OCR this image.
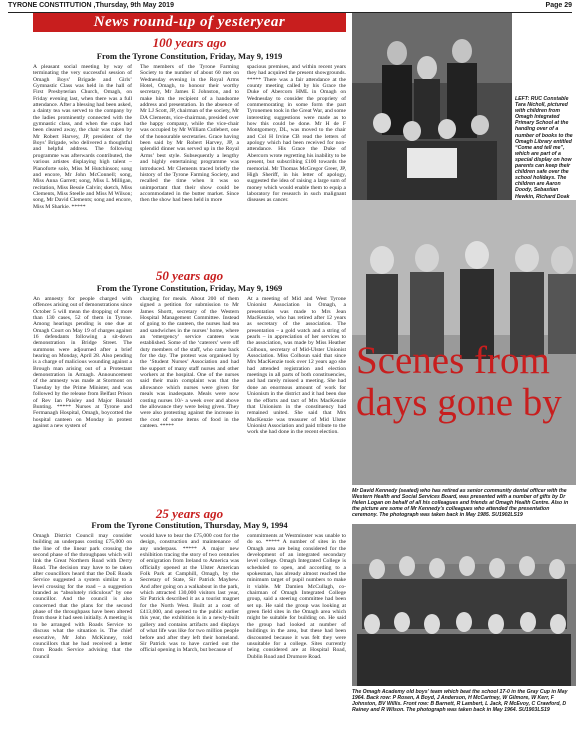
TYRONE CONSTITUTION ,Thursday, 9th May 2019	Page 29
News round-up of yesteryear
100 years ago
From the Tyrone Constitution, Friday, May 9, 1919
A pleasant social meeting by way of terminating the very successful session of Omagh Boys’ Brigade and Girls’ Gymnastic Class was held in the hall of First Presbyterian Church, Omagh, on Friday evening last, when there was a full attendance. After a blessing had been asked, a dainty tea was served to the company by the ladies prominently connected with the gymnastic class, and when the cups had been cleared away, the chair was taken by Mr Robert Harvey, JP, president of the Boys’ Brigade, who delivered a thoughtful and helpful address. The following programme was afterwards contributed, the various artistes displaying high talent – Pianoforte solo, Miss M Hutchinson; song and encore, Mr John McConnell; song, Miss Anna Garrett; song, Miss L Milligan, recitation, Miss Bessie Calvin; sketch, Miss Clements, Miss Steelle and Miss M Wilson; song, Mr David Clements; song and encore, Miss M Sharkie. *****
The members of the Tyrone Farming Society to the number of about 60 met on Wednesday evening in the Royal Arms Hotel, Omagh, to honour their worthy secretary, Mr James E Johnston, and to make him the recipient of a handsome address and presentation. In the absence of Mr LJ Scott, JP, chairman of the society, Mr DA Clements, vice-chairman, presided over the happy company, while the vice-chair was occupied by Mr William Cutlebert, one of the honourable secretaries. Grace having been said by Mr Robert Harvey, JP, a splendid dinner was served up in the Royal Arms’ best style. Subsequently a lengthy and highly entertaining programme was introduced. Mr Clements traced briefly the history of the Tyrone Farming Society, and recalled the time when it was so unimportant that their show could be accommodated in the butter market. Since then the show had been held in more
spacious premises, and within recent years they had acquired the present showgrounds. ***** There was a fair attendance at the county meeting called by his Grace the Duke of Abercorn HML in Omagh on Wednesday to consider the propriety of commemorating in some form the part Tyronemen took in the Great War, and some interesting suggestions were made as to how this could be done. Mr H de F Montgomery, DL, was moved to the chair and Col H Irvine CB read the letters of apology which had been received for non-attendance. His Grace the Duke of Abercorn wrote regretting his inability to be present, but subscribing £100 towards the memorial. Mr Thomas McGregor Greer, JP, High Sheriff, in his letter of apology, suggested the idea of raising a large sum of money which would enable them to equip a laboratory for research in such malignant diseases as cancer.
50 years ago
From the Tyrone Constitution, Friday, May 9, 1969
An amnesty for people charged with offences arising out of demonstrations since October 5 will mean the dropping of more than 130 cases, 52 of them in Tyrone. Among hearings pending is one due at Omagh Court on May 19 of charges against 16 defendants following a sit-down demonstration in Bridge Street. The summons were adjourned after a brief hearing on Monday, April 28. Also pending is a charge of malicious wounding against a Brough man arising out of a Protestant demonstration in Armagh. Announcement of the amnesty was made at Stormont on Tuesday by the Prime Minister, and was followed by the release from Belfast Prison of Rev Ian Paisley and Major Ronald Bunting. ***** Nurses at Tyrone and Fermanagh Hospital, Omagh, boycotted the hospital canteen on Monday in protest against a new system of
charging for meals. About 200 of them signed a petition for submission to Mr James Shortt, secretary of the Western Hospital Management Committee. Instead of going to the canteen, the nurses had tea and sandwiches in the nurses’ home, where an ‘emergency’ service canteen was established. Some of the ‘caterers’ were off duty members of the staff, who came back for the day. The protest was organised by the ‘Student Nurses’ Association and had the support of many staff nurses and other workers at the hospital. One of the nurses said their main complaint was that the allowance which nurses were given for meals was inadequate. Meals were now costing nurses 10/- a week over and above the allowance they were being given. They were also protesting against the increase in the cost of some items of food in the canteen. *****
At a meeting of Mid and West Tyrone Unionist Association in Omagh, a presentation was made to Mrs Jean MacKenzie, who has retired after 12 years as secretary of the association. The presentation – a gold watch and a string of pearls – in appreciation of her services to the association, was made by Miss Heather Colhoun, secretary of Mid-Ulster Unionist Association. Miss Colhoun said that since Mrs MacKenzie took over 12 years ago she had attended registration and election meetings in all parts of both constituencies, and had rarely missed a meeting. She had done an enormous amount of work for Unionism in the district and it had been due to the efforts and tact of Mrs MacKenzie that Unionism in the constituency had remained united. She said that Mrs MacKenzie was treasurer of Mid Ulster Unionist Association and paid tribute to the work she had done in the recent election.
25 years ago
From the Tyrone Constitution, Thursday, May 9, 1994
Omagh District Council may consider building an underpass costing £75,000 on the line of the linear park crossing the second phase of the throughpass which will link the Great Northern Road with Derry Road. The decision may have to be taken after councillors heard that the DoE Roads Service suggested a system similar to a level crossing for the road – a suggestion branded as “absolutely ridiculous” by one councillor. And the council is also concerned that the plans for the second phase of the throughpass have been altered from those it had seen initially. A meeting is to be arranged with Roads Service to discuss what the situation is. The chief executive, Mr John McKinney, told councillors that he had received a letter from Roads Service advising that the council
would have to bear the £75,000 cost for the design, construction and maintenance of any underpass. ***** A major new exhibition tracing the story of two centuries of emigration from Ireland to America was officially opened at the Ulster American Folk Park at Camphill, Omagh, by the Secretary of State, Sir Patrick Mayhew. And after going on a walkabout in the park, which attracted 130,000 visitors last year, Sir Patrick described it as a tourist magnet for the North West. Built at a cost of £413,000, and opened to the public earlier this year, the exhibition is in a newly-built gallery and contains artifacts and displays of what life was like for two million people before and after they left their homeland. Sir Patrick was to have carried out the official opening in March, but because of
commitments at Westminster was unable to do so. ***** A number of sites in the Omagh area are being considered for the development of an integrated secondary level college. Omagh Integrated College is scheduled to open, and according to a spokesman, has already almost reached the minimum target of pupil numbers to make it viable. Mr Damien McCullagh, co-chairman of Omagh Integrated College group, said a steering committee had been set up. He said the group was looking at green field sites in the Omagh area which might be suitable for building on. He said the group had looked at number of buildings in the area, but these had been discounted because it was felt they were unsuitable for a college. Sites currently being considered are at Hospital Road, Dublin Road and Drumore Road.
LEFT: RUC Constable Tara Nicholl, pictured with children from Omagh Integrated Primary School at the handing over of a number of books to the Omagh Library entitled “Come and tell me”, which are part of a special display on how parents can keep their children safe over the school holidays. The children are Aaron Doody, Sebastian Hewkin, Richard Doak
Scenes from days gone by
Mr David Kennedy (seated) who has retired as senior community dental officer with the Western Health and Social Services Board, was presented with a number of gifts by Dr Helen Logan on behalf of all his colleagues and friends at Omagh Health Centre. Also in the picture are some of Mr Kennedy’s colleagues who attended the presentation ceremony. The photograph was taken back in May 1985. SU1902LS19
The Omagh Academy old boys’ team which beat the school 17-0 in the Gray Cup in May 1964. Back row: P Rosen, A Boyd, J Anderson, H McCartney, W Gilmore, W Kerr, F Johnston, BV Willis. Front row: B Barnett, R Lambert, L Jack, R McEvoy, C Crawford, D Rainey and R Wilson. The photograph was taken back in May 1964. SU1903LS19
